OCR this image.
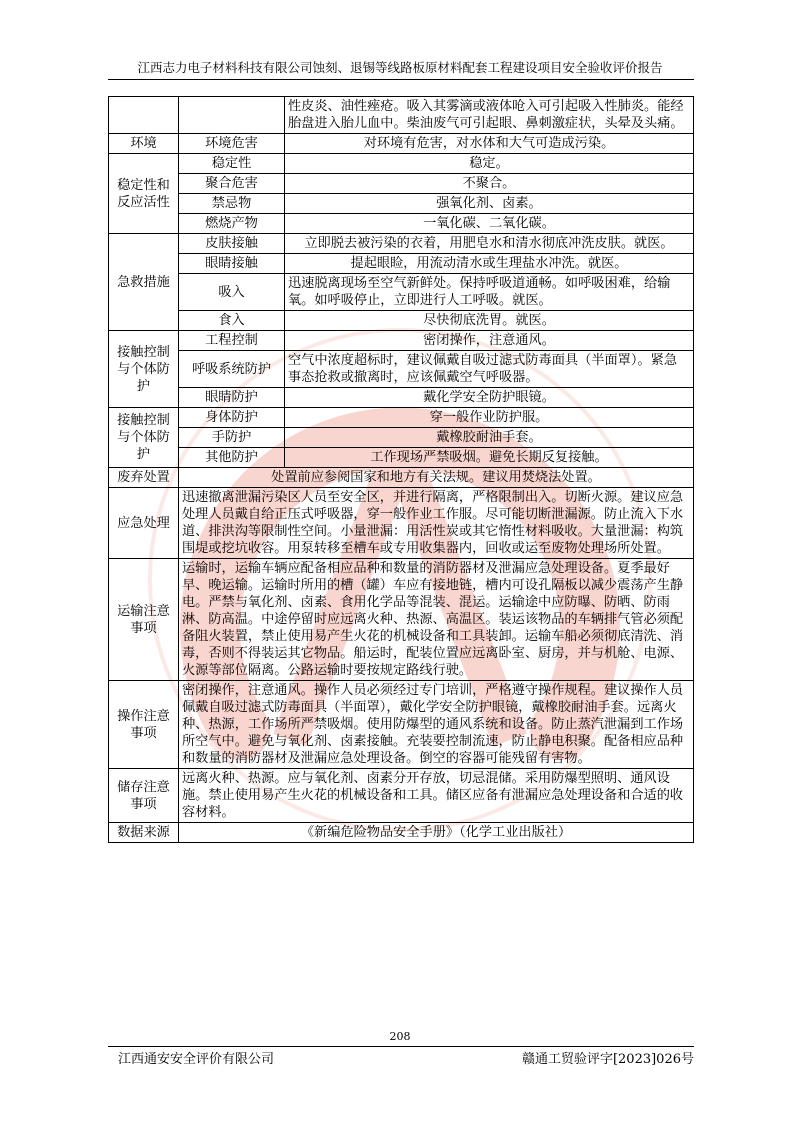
江西志力电子材料科技有限公司蚀刻、退锡等线路板原材料配套工程建设项目安全验收评价报告
		性皮炎、油性痤疮。吸入其雾滴或液体呛入可引起吸入性肺炎。能经胎盘进入胎儿血中。柴油废气可引起眼、鼻刺激症状，头晕及头痛。
环境	环境危害	对环境有危害，对水体和大气可造成污染。
稳定性和反应活性	稳定性	稳定。
	聚合危害	不聚合。
	禁忌物	强氧化剂、卤素。
	燃烧产物	一氧化碳、二氧化碳。
急救措施	皮肤接触	立即脱去被污染的衣着，用肥皂水和清水彻底冲洗皮肤。就医。
	眼睛接触	提起眼睑，用流动清水或生理盐水冲洗。就医。
	吸入	迅速脱离现场至空气新鲜处。保持呼吸道通畅。如呼吸困难，给输氧。如呼吸停止，立即进行人工呼吸。就医。
	食入	尽快彻底洗胃。就医。
接触控制与个体防护	工程控制	密闭操作，注意通风。
	呼吸系统防护	空气中浓度超标时，建议佩戴自吸过滤式防毒面具（半面罩）。紧急事态抢救或撤离时，应该佩戴空气呼吸器。
	眼睛防护	戴化学安全防护眼镜。
接触控制与个体防护	身体防护	穿一般作业防护服。
	手防护	戴橡胶耐油手套。
	其他防护	工作现场严禁吸烟。避免长期反复接触。
废弃处置	处置前应参阅国家和地方有关法规。建议用焚烧法处置。	
应急处理	迅速撤离泄漏污染区人员至安全区，并进行隔离，严格限制出入。切断火源。建议应急处理人员戴自给正压式呼吸器，穿一般作业工作服。尽可能切断泄漏源。防止流入下水道、排洪沟等限制性空间。小量泄漏：用活性炭或其它惰性材料吸收。大量泄漏：构筑围堤或挖坑收容。用泵转移至槽车或专用收集器内，回收或运至废物处理场所处置。	
运输注意事项	运输时，运输车辆应配备相应品种和数量的消防器材及泄漏应急处理设备。夏季最好早、晚运输。运输时所用的槽（罐）车应有接地链，槽内可设孔隔板以减少震荡产生静电。严禁与氧化剂、卤素、食用化学品等混装、混运。运输途中应防曝、防晒、防雨淋、防高温。中途停留时应远离火种、热源、高温区。装运该物品的车辆排气管必须配备阻火装置，禁止使用易产生火花的机械设备和工具装卸。运输车船必须彻底清洗、消毒，否则不得装运其它物品。船运时，配装位置应远离卧室、厨房，并与机舱、电源、火源等部位隔离。公路运输时要按规定路线行驶。	
操作注意事项	密闭操作，注意通风。操作人员必须经过专门培训，严格遵守操作规程。建议操作人员佩戴自吸过滤式防毒面具（半面罩），戴化学安全防护眼镜，戴橡胶耐油手套。远离火种、热源，工作场所严禁吸烟。使用防爆型的通风系统和设备。防止蒸汽泄漏到工作场所空气中。避免与氧化剂、卤素接触。充装要控制流速，防止静电积聚。配备相应品种和数量的消防器材及泄漏应急处理设备。倒空的容器可能残留有害物。	
储存注意事项	远离火种、热源。应与氧化剂、卤素分开存放，切忌混储。采用防爆型照明、通风设施。禁止使用易产生火花的机械设备和工具。储区应备有泄漏应急处理设备和合适的收容材料。	
数据来源	《新编危险物品安全手册》（化学工业出版社）	
208
江西通安安全评价有限公司	赣通工贸验评字[2023]026号
